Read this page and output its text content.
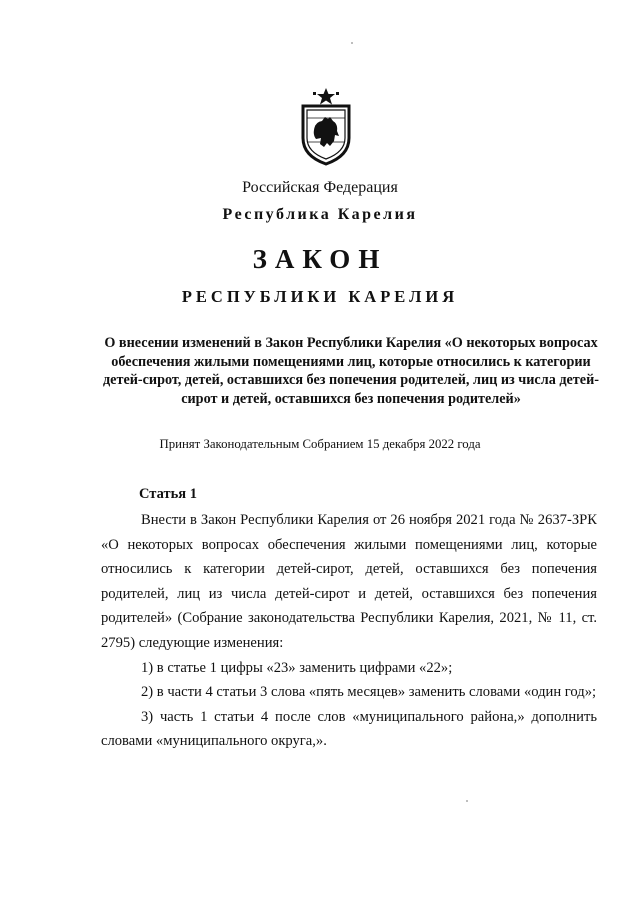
Российская Федерация
Республика Карелия
ЗАКОН
РЕСПУБЛИКИ КАРЕЛИЯ
О внесении изменений в Закон Республики Карелия «О некоторых вопросах обеспечения жилыми помещениями лиц, которые относились к категории детей-сирот, детей, оставшихся без попечения родителей, лиц из числа детей-сирот и детей, оставшихся без попечения родителей»
Принят Законодательным Собранием 15 декабря 2022 года
Статья 1

Внести в Закон Республики Карелия от 26 ноября 2021 года № 2637-ЗРК «О некоторых вопросах обеспечения жилыми помещениями лиц, которые относились к категории детей-сирот, детей, оставшихся без попечения родителей, лиц из числа детей-сирот и детей, оставшихся без попечения родителей» (Собрание законодательства Республики Карелия, 2021, № 11, ст. 2795) следующие изменения:

1) в статье 1 цифры «23» заменить цифрами «22»;

2) в части 4 статьи 3 слова «пять месяцев» заменить словами «один год»;

3) часть 1 статьи 4 после слов «муниципального района,» дополнить словами «муниципального округа,».
